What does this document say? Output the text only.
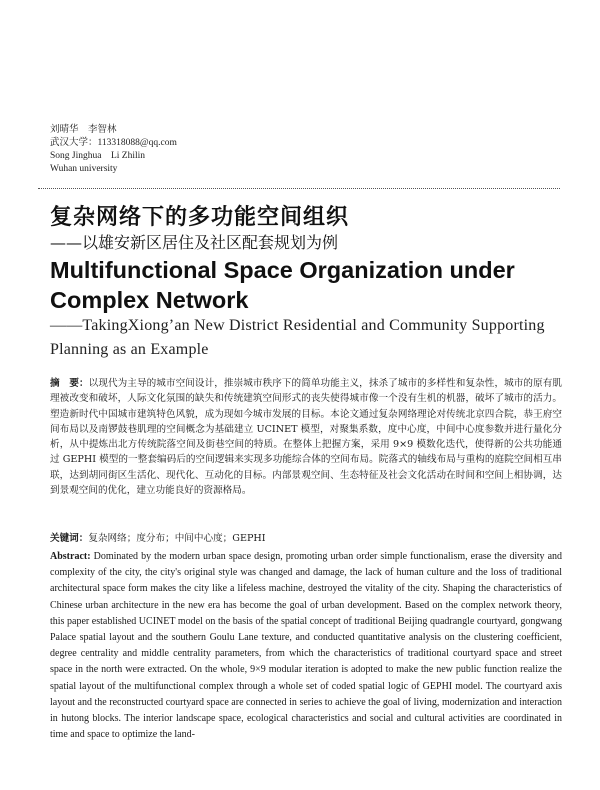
刘晴华　李智林
武汉大学：113318088@qq.com
Song Jinghua　Li Zhilin
Wuhan university
复杂网络下的多功能空间组织
——以雄安新区居住及社区配套规划为例
Multifunctional Space Organization under Complex Network
——TakingXiong’an New District Residential and Community Supporting Planning as an Example
摘　要：以现代为主导的城市空间设计，推崇城市秩序下的简单功能主义，抹杀了城市的多样性和复杂性，城市的原有肌理被改变和破坏，人际文化氛围的缺失和传统建筑空间形式的丧失使得城市像一个没有生机的机器，破坏了城市的活力。塑造新时代中国城市建筑特色风貌，成为现如今城市发展的目标。本论文通过复杂网络理论对传统北京四合院，恭王府空间布局以及南锣鼓巷肌理的空间概念为基础建立 UCINET 模型，对聚集系数，度中心度，中间中心度参数并进行量化分析，从中提炼出北方传统院落空间及街巷空间的特质。在整体上把握方案，采用 9×9 模数化迭代，使得新的公共功能通过 GEPHI 模型的一整套编码后的空间逻辑来实现多功能综合体的空间布局。院落式的轴线布局与重构的庭院空间相互串联，达到胡同街区生活化、现代化、互动化的目标。内部景观空间、生态特征及社会文化活动在时间和空间上相协调，达到景观空间的优化，建立功能良好的资源格局。
关键词：复杂网络；度分布；中间中心度；GEPHI
Abstract: Dominated by the modern urban space design, promoting urban order simple functionalism, erase the diversity and complexity of the city, the city's original style was changed and damage, the lack of human culture and the loss of traditional architectural space form makes the city like a lifeless machine, destroyed the vitality of the city. Shaping the characteristics of Chinese urban architecture in the new era has become the goal of urban development. Based on the complex network theory, this paper established UCINET model on the basis of the spatial concept of traditional Beijing quadrangle courtyard, gongwang Palace spatial layout and the southern Goulu Lane texture, and conducted quantitative analysis on the clustering coefficient, degree centrality and middle centrality parameters, from which the characteristics of traditional courtyard space and street space in the north were extracted. On the whole, 9×9 modular iteration is adopted to make the new public function realize the spatial layout of the multifunctional complex through a whole set of coded spatial logic of GEPHI model. The courtyard axis layout and the reconstructed courtyard space are connected in series to achieve the goal of living, modernization and interaction in hutong blocks. The interior landscape space, ecological characteristics and social and cultural activities are coordinated in time and space to optimize the land-
